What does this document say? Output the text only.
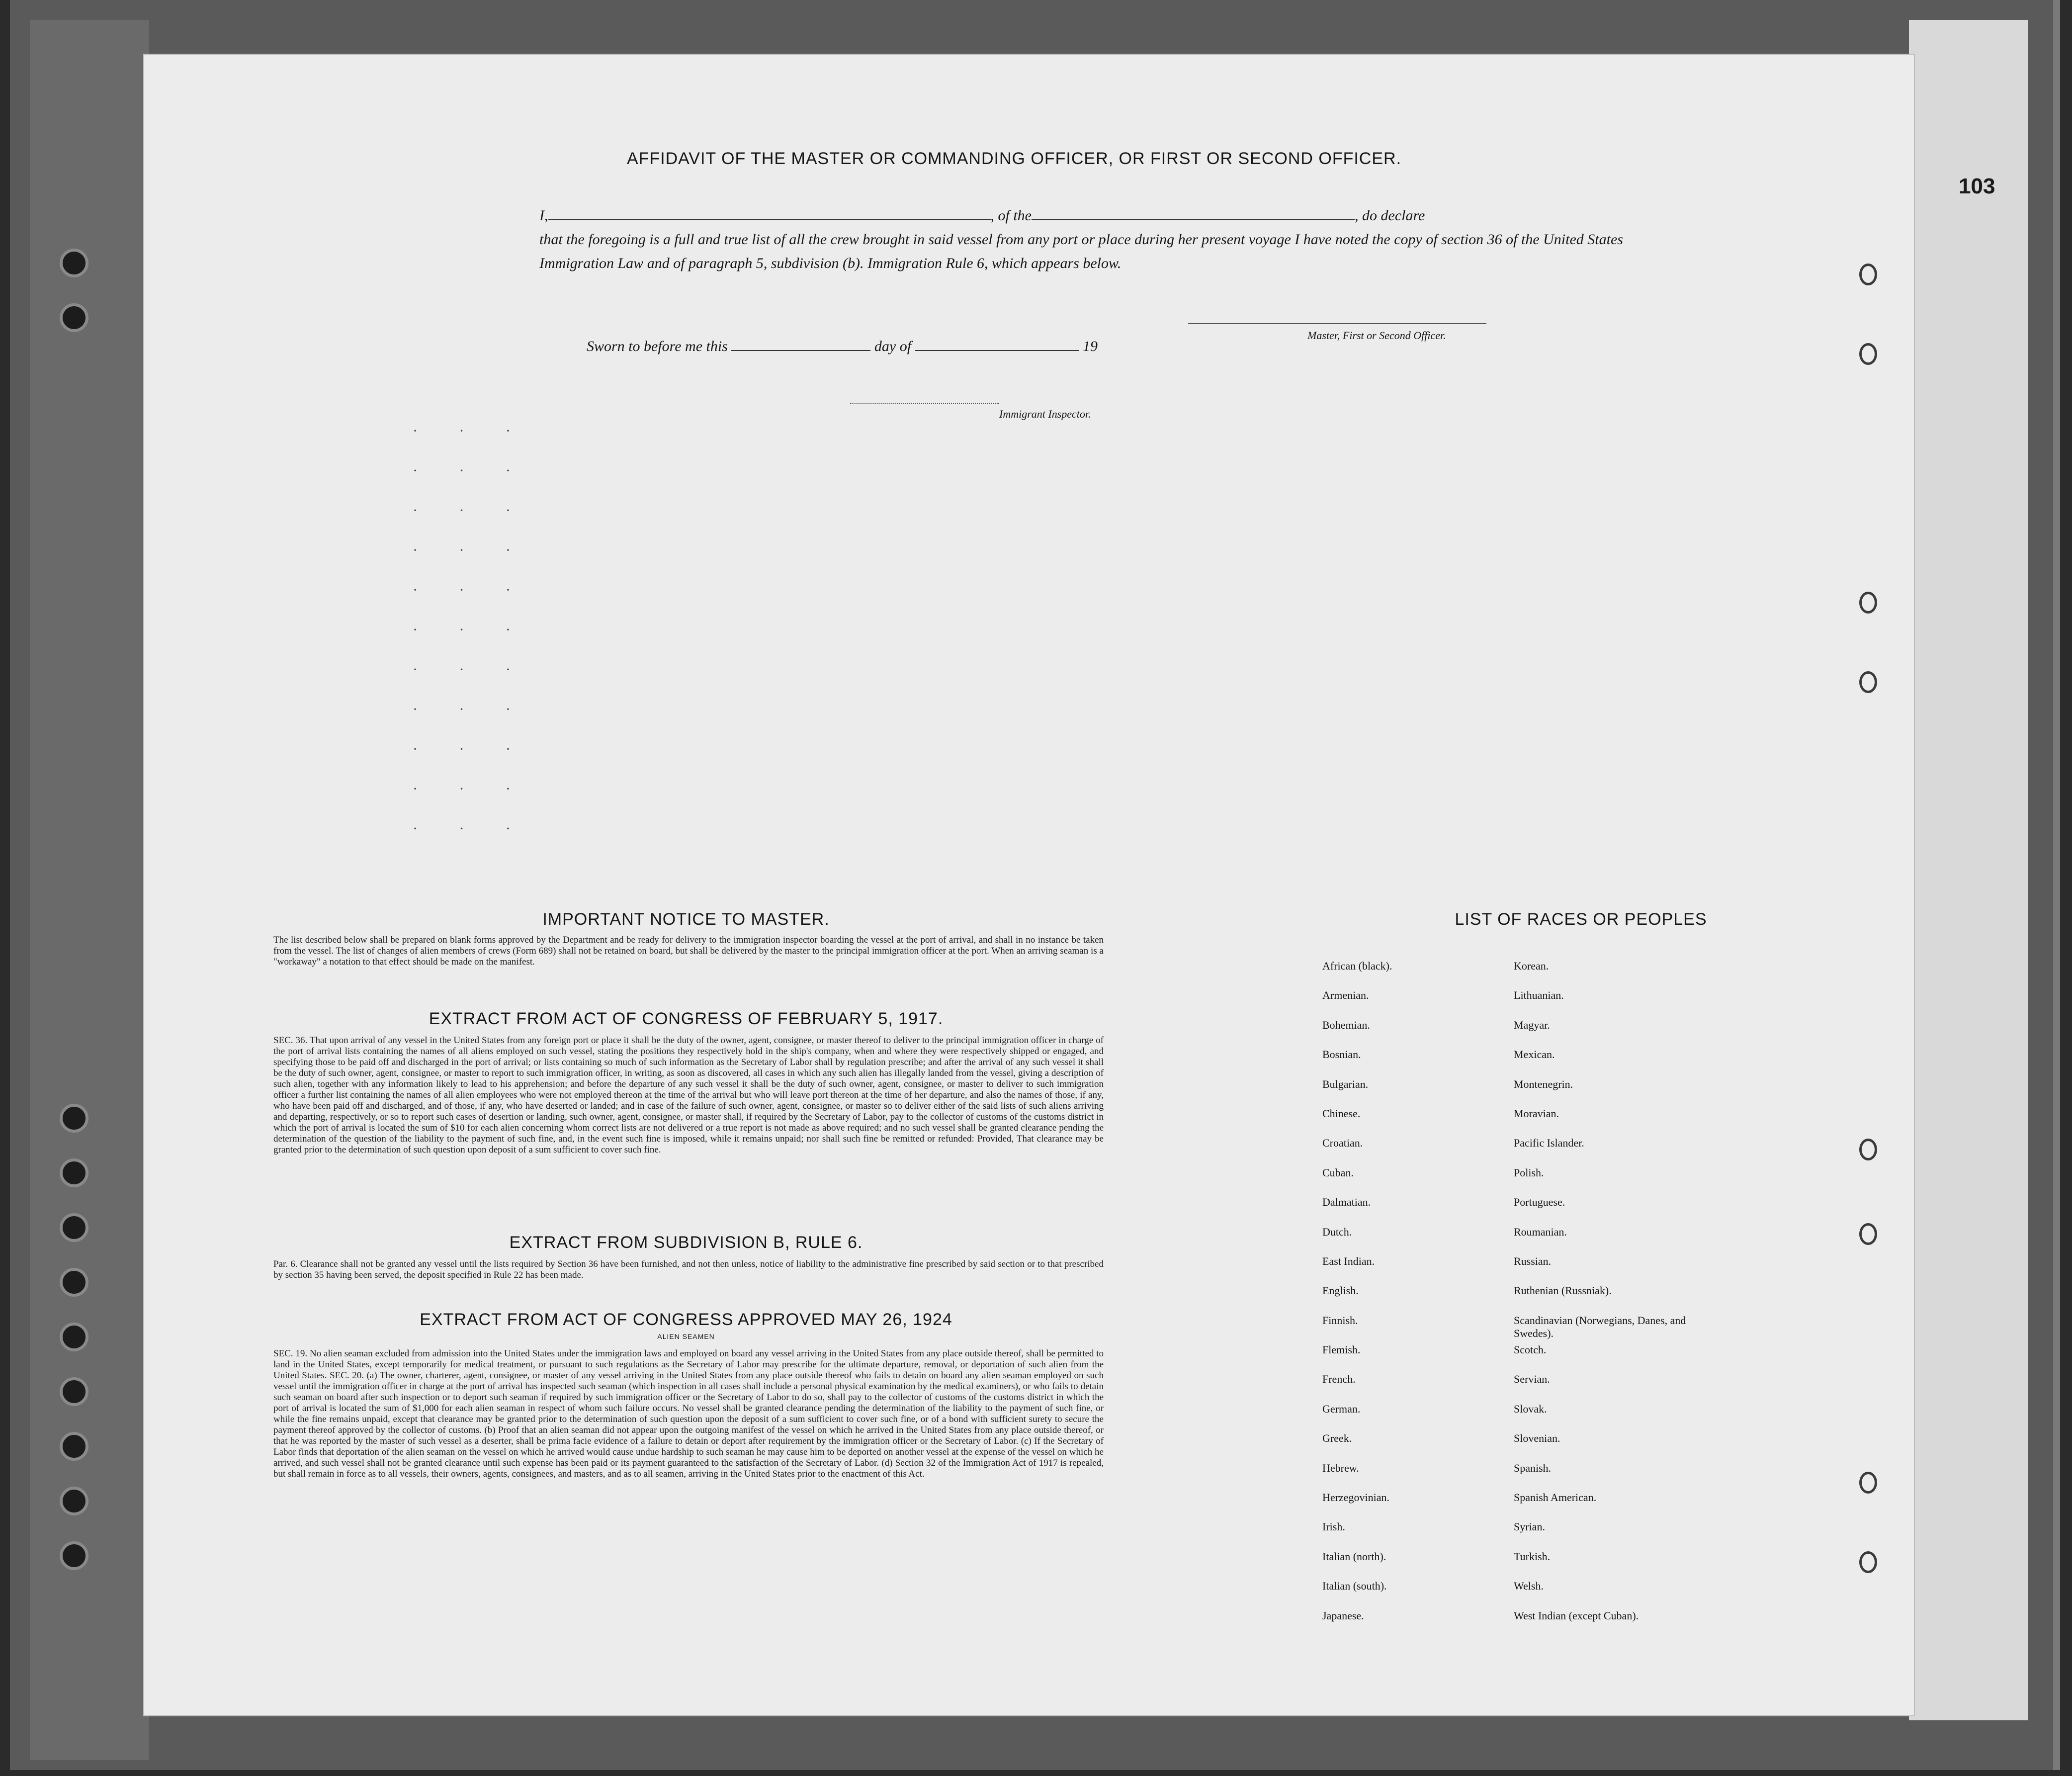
103
AFFIDAVIT OF THE MASTER OR COMMANDING OFFICER, OR FIRST OR SECOND OFFICER.
I,	, of the	, do declare
that the foregoing is a full and true list of all the crew brought in said vessel from any port or place during her present voyage I have noted the copy of section 36 of the United States Immigration Law and of paragraph 5, subdivision (b). Immigration Rule 6, which appears below.
Master, First or Second Officer.
Sworn to before me this	day of	19
Immigrant Inspector.
· · ·
· · ·
· · ·
· · ·
· · ·
· · ·
· · ·
· · ·
· · ·
· · ·
· · ·
IMPORTANT NOTICE TO MASTER.
The list described below shall be prepared on blank forms approved by the Department and be ready for delivery to the immigration inspector boarding the vessel at the port of arrival, and shall in no instance be taken from the vessel. The list of changes of alien members of crews (Form 689) shall not be retained on board, but shall be delivered by the master to the principal immigration officer at the port. When an arriving seaman is a "workaway" a notation to that effect should be made on the manifest.
EXTRACT FROM ACT OF CONGRESS OF FEBRUARY 5, 1917.
SEC. 36. That upon arrival of any vessel in the United States from any foreign port or place it shall be the duty of the owner, agent, consignee, or master thereof to deliver to the principal immigration officer in charge of the port of arrival lists containing the names of all aliens employed on such vessel, stating the positions they respectively hold in the ship's company, when and where they were respectively shipped or engaged, and specifying those to be paid off and discharged in the port of arrival; or lists containing so much of such information as the Secretary of Labor shall by regulation prescribe; and after the arrival of any such vessel it shall be the duty of such owner, agent, consignee, or master to report to such immigration officer, in writing, as soon as discovered, all cases in which any such alien has illegally landed from the vessel, giving a description of such alien, together with any information likely to lead to his apprehension; and before the departure of any such vessel it shall be the duty of such owner, agent, consignee, or master to deliver to such immigration officer a further list containing the names of all alien employees who were not employed thereon at the time of the arrival but who will leave port thereon at the time of her departure, and also the names of those, if any, who have been paid off and discharged, and of those, if any, who have deserted or landed; and in case of the failure of such owner, agent, consignee, or master so to deliver either of the said lists of such aliens arriving and departing, respectively, or so to report such cases of desertion or landing, such owner, agent, consignee, or master shall, if required by the Secretary of Labor, pay to the collector of customs of the customs district in which the port of arrival is located the sum of $10 for each alien concerning whom correct lists are not delivered or a true report is not made as above required; and no such vessel shall be granted clearance pending the determination of the question of the liability to the payment of such fine, and, in the event such fine is imposed, while it remains unpaid; nor shall such fine be remitted or refunded: Provided, That clearance may be granted prior to the determination of such question upon deposit of a sum sufficient to cover such fine.
EXTRACT FROM SUBDIVISION B, RULE 6.
Par. 6. Clearance shall not be granted any vessel until the lists required by Section 36 have been furnished, and not then unless, notice of liability to the administrative fine prescribed by said section or to that prescribed by section 35 having been served, the deposit specified in Rule 22 has been made.
EXTRACT FROM ACT OF CONGRESS APPROVED MAY 26, 1924
ALIEN SEAMEN
SEC. 19. No alien seaman excluded from admission into the United States under the immigration laws and employed on board any vessel arriving in the United States from any place outside thereof, shall be permitted to land in the United States, except temporarily for medical treatment, or pursuant to such regulations as the Secretary of Labor may prescribe for the ultimate departure, removal, or deportation of such alien from the United States. SEC. 20. (a) The owner, charterer, agent, consignee, or master of any vessel arriving in the United States from any place outside thereof who fails to detain on board any alien seaman employed on such vessel until the immigration officer in charge at the port of arrival has inspected such seaman (which inspection in all cases shall include a personal physical examination by the medical examiners), or who fails to detain such seaman on board after such inspection or to deport such seaman if required by such immigration officer or the Secretary of Labor to do so, shall pay to the collector of customs of the customs district in which the port of arrival is located the sum of $1,000 for each alien seaman in respect of whom such failure occurs. No vessel shall be granted clearance pending the determination of the liability to the payment of such fine, or while the fine remains unpaid, except that clearance may be granted prior to the determination of such question upon the deposit of a sum sufficient to cover such fine, or of a bond with sufficient surety to secure the payment thereof approved by the collector of customs. (b) Proof that an alien seaman did not appear upon the outgoing manifest of the vessel on which he arrived in the United States from any place outside thereof, or that he was reported by the master of such vessel as a deserter, shall be prima facie evidence of a failure to detain or deport after requirement by the immigration officer or the Secretary of Labor. (c) If the Secretary of Labor finds that deportation of the alien seaman on the vessel on which he arrived would cause undue hardship to such seaman he may cause him to be deported on another vessel at the expense of the vessel on which he arrived, and such vessel shall not be granted clearance until such expense has been paid or its payment guaranteed to the satisfaction of the Secretary of Labor. (d) Section 32 of the Immigration Act of 1917 is repealed, but shall remain in force as to all vessels, their owners, agents, consignees, and masters, and as to all seamen, arriving in the United States prior to the enactment of this Act.
LIST OF RACES OR PEOPLES
African (black).
Armenian.
Bohemian.
Bosnian.
Bulgarian.
Chinese.
Croatian.
Cuban.
Dalmatian.
Dutch.
East Indian.
English.
Finnish.
Flemish.
French.
German.
Greek.
Hebrew.
Herzegovinian.
Irish.
Italian (north).
Italian (south).
Japanese.
Korean.
Lithuanian.
Magyar.
Mexican.
Montenegrin.
Moravian.
Pacific Islander.
Polish.
Portuguese.
Roumanian.
Russian.
Ruthenian (Russniak).
Scandinavian (Norwegians, Danes, and Swedes).
Scotch.
Servian.
Slovak.
Slovenian.
Spanish.
Spanish American.
Syrian.
Turkish.
Welsh.
West Indian (except Cuban).
